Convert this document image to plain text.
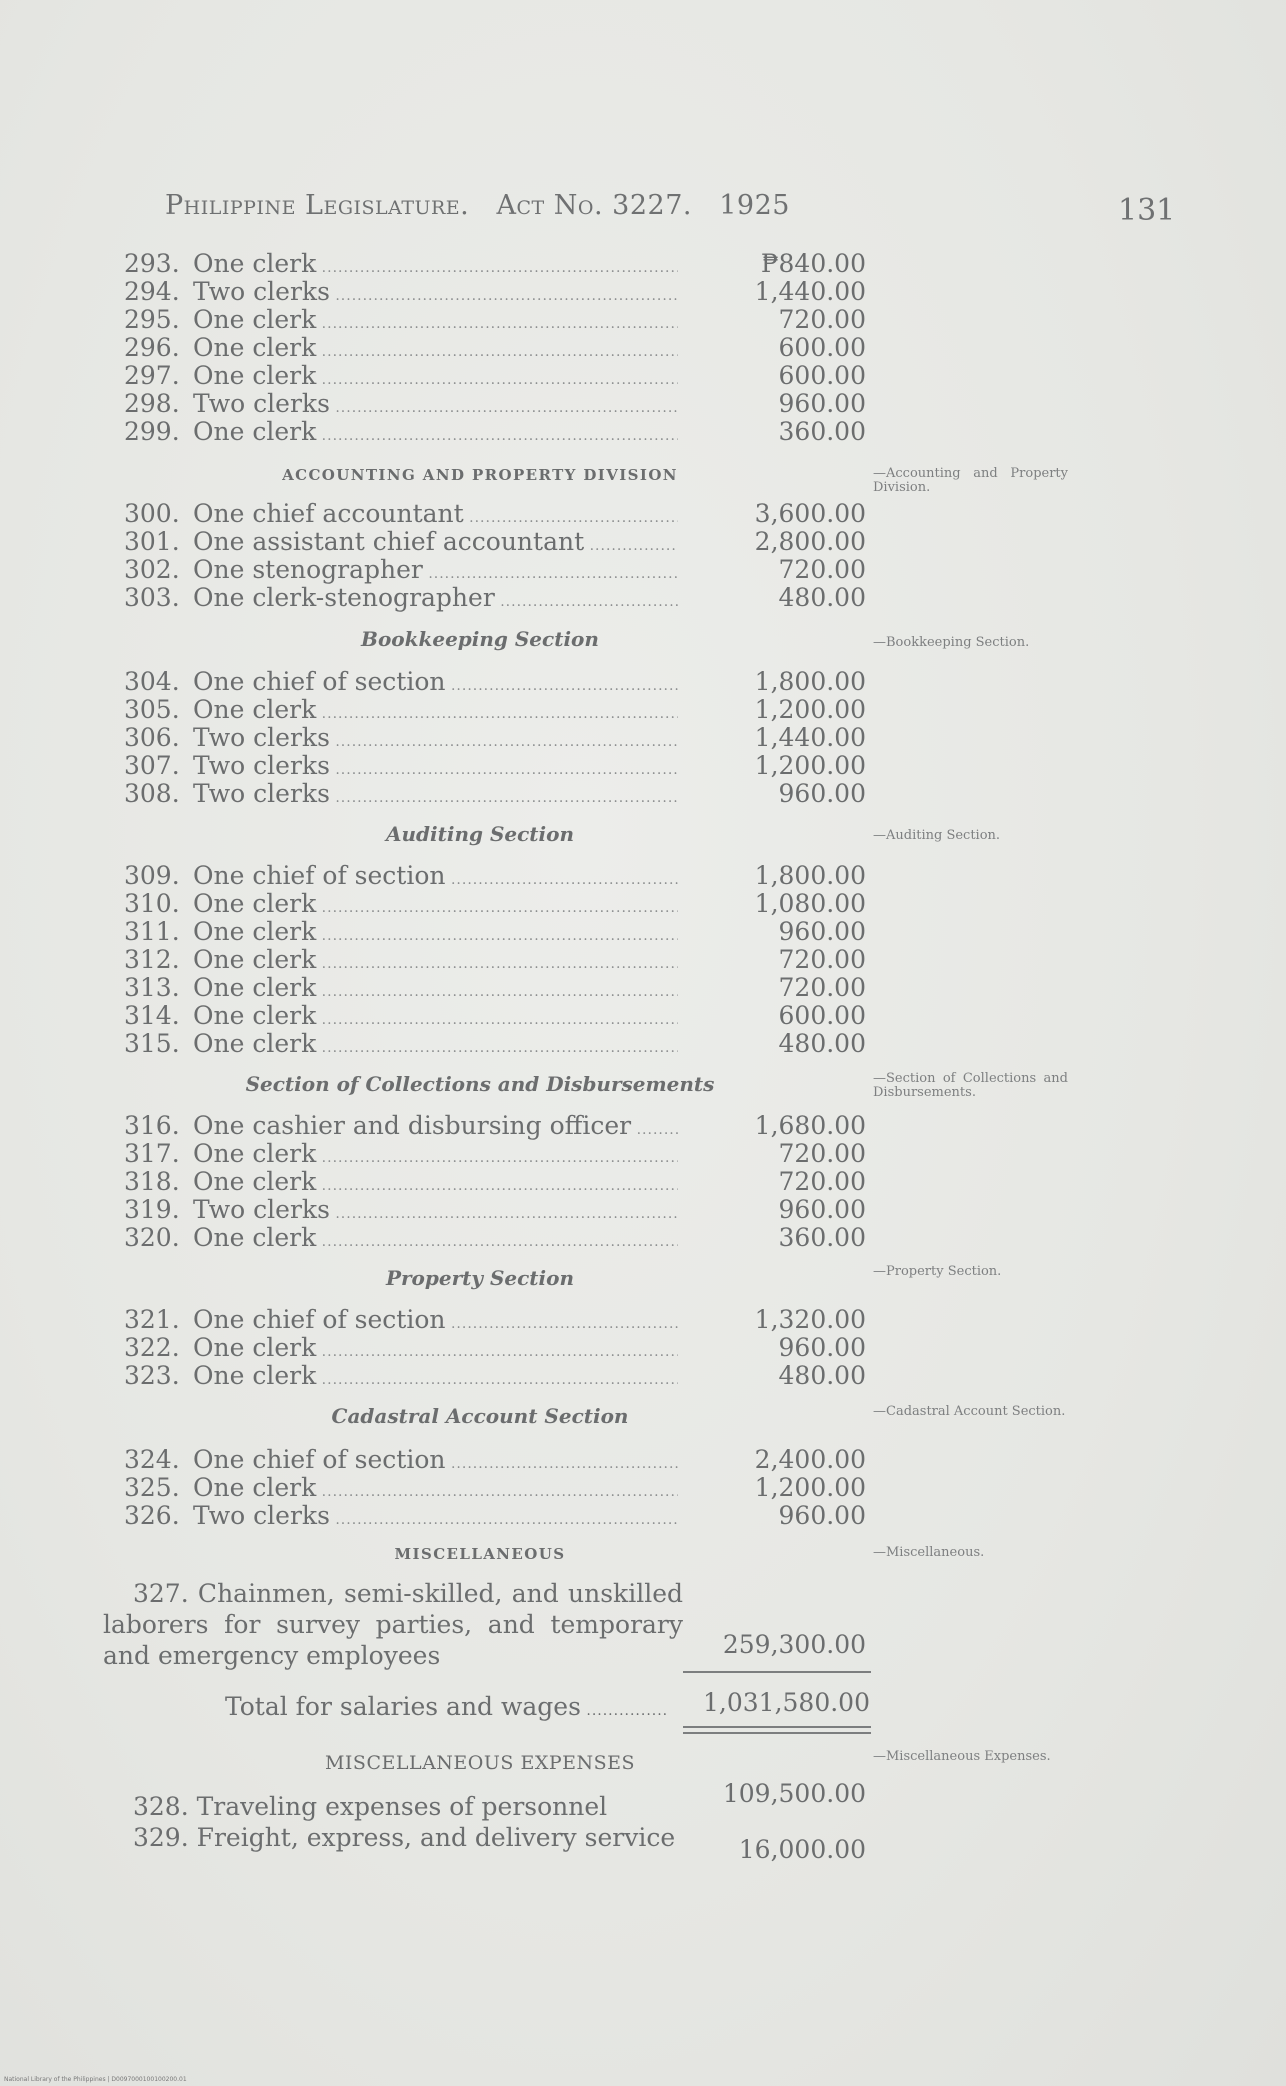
Philippine Legislature. Act No. 3227. 1925	131
293. One clerk .....	₱840.00
294. Two clerks .....	1,440.00
295. One clerk .....	720.00
296. One clerk .....	600.00
297. One clerk .....	600.00
298. Two clerks .....	960.00
299. One clerk .....	360.00
ACCOUNTING AND PROPERTY DIVISION	—Accounting and Property Division.
300. One chief accountant .....	3,600.00
301. One assistant chief accountant .....	2,800.00
302. One stenographer .....	720.00
303. One clerk-stenographer .....	480.00
Bookkeeping Section	—Bookkeeping Section.
304. One chief of section .....	1,800.00
305. One clerk .....	1,200.00
306. Two clerks .....	1,440.00
307. Two clerks .....	1,200.00
308. Two clerks .....	960.00
Auditing Section	—Auditing Section.
309. One chief of section .....	1,800.00
310. One clerk .....	1,080.00
311. One clerk .....	960.00
312. One clerk .....	720.00
313. One clerk .....	720.00
314. One clerk .....	600.00
315. One clerk .....	480.00
Section of Collections and Disbursements	—Section of Collections and Disbursements.
316. One cashier and disbursing officer .....	1,680.00
317. One clerk .....	720.00
318. One clerk .....	720.00
319. Two clerks .....	960.00
320. One clerk .....	360.00
Property Section	—Property Section.
321. One chief of section .....	1,320.00
322. One clerk .....	960.00
323. One clerk .....	480.00
Cadastral Account Section	—Cadastral Account Section.
324. One chief of section .....	2,400.00
325. One clerk .....	1,200.00
326. Two clerks .....	960.00
MISCELLANEOUS	—Miscellaneous.
327. Chainmen, semi-skilled, and unskilled laborers for survey parties, and temporary and emergency employees	259,300.00
Total for salaries and wages .....	1,031,580.00
MISCELLANEOUS EXPENSES	—Miscellaneous Expenses.
328. Traveling expenses of personnel	109,500.00
329. Freight, express, and delivery service	16,000.00
National Library of the Philippines | D0097000100100200.01
